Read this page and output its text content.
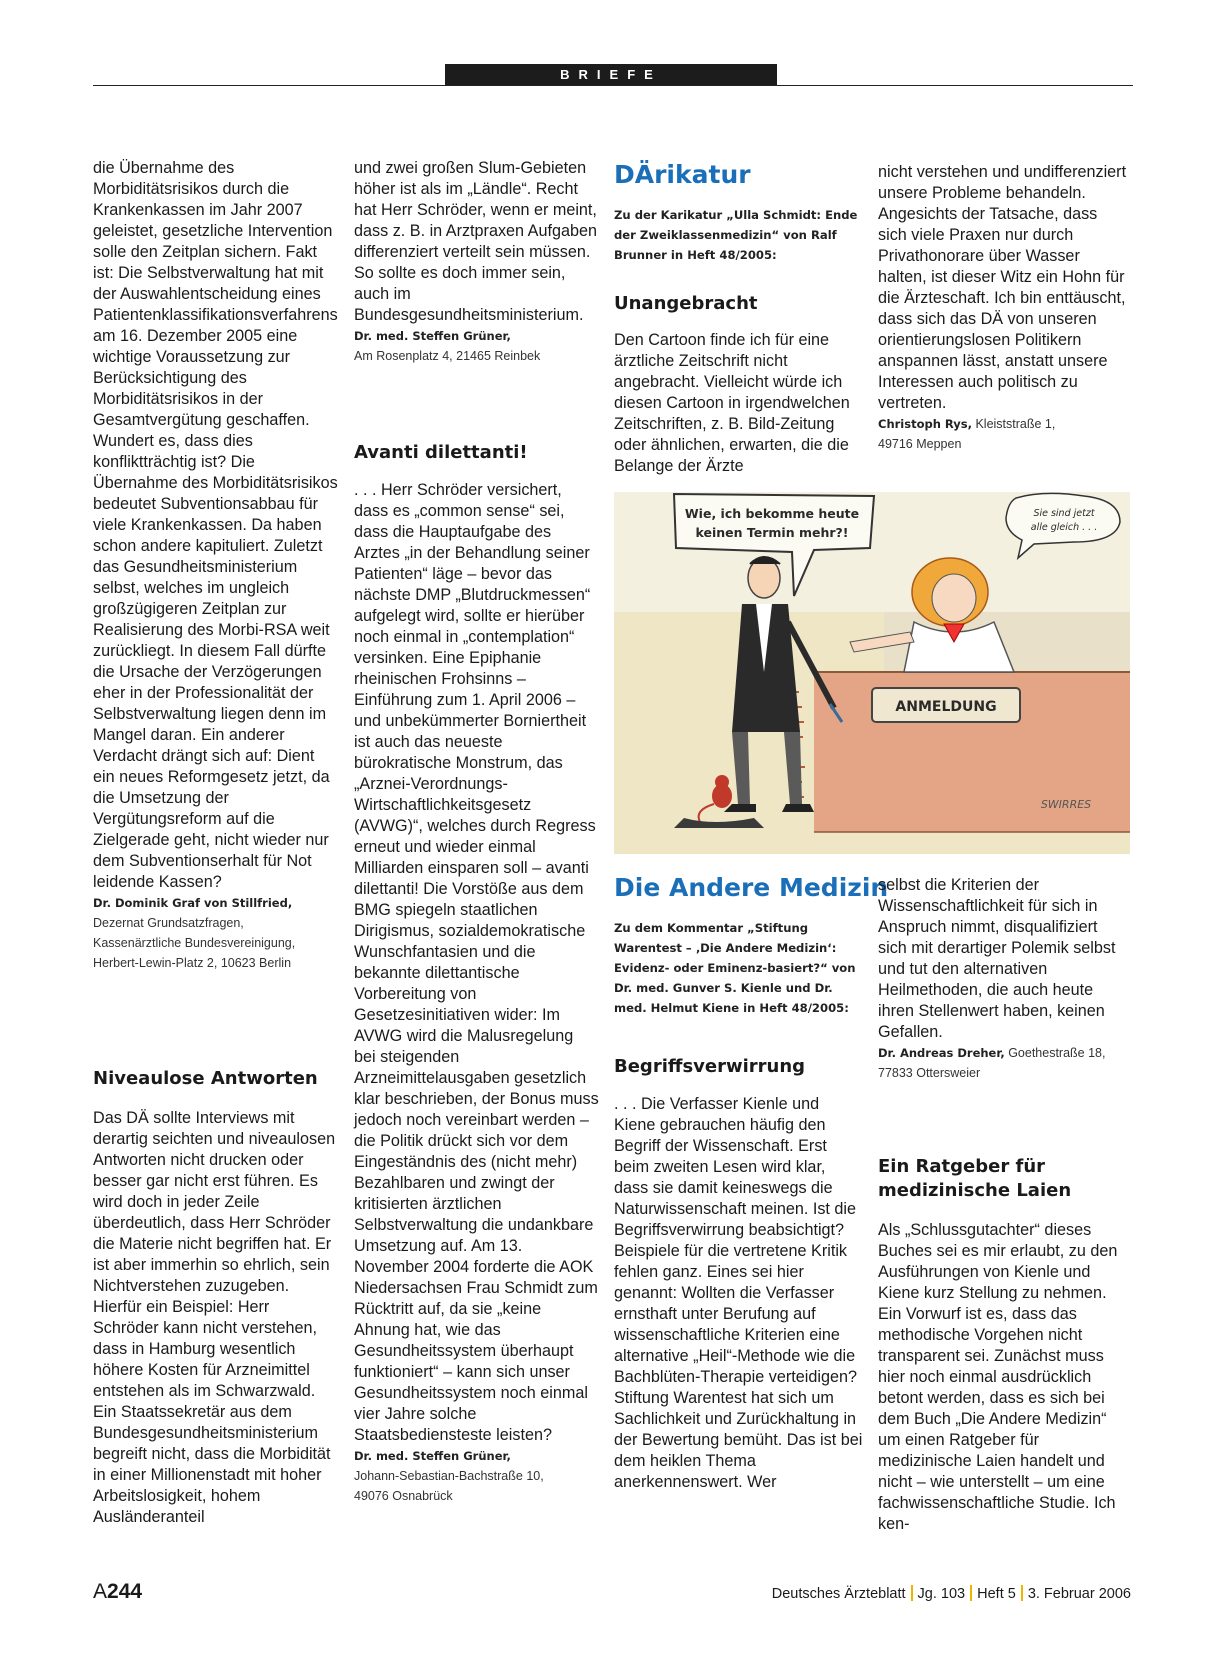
BRIEFE

die Übernahme des Morbiditätsrisikos durch die Krankenkassen im Jahr 2007 geleistet, gesetzliche Intervention solle den Zeitplan sichern. Fakt ist: Die Selbstverwaltung hat mit der Auswahlentscheidung eines Patientenklassifikationsverfahrens am 16. Dezember 2005 eine wichtige Voraussetzung zur Berücksichtigung des Morbiditätsrisikos in der Gesamtvergütung geschaffen. Wundert es, dass dies konfliktträchtig ist? Die Übernahme des Morbiditätsrisikos bedeutet Subventionsabbau für viele Krankenkassen. Da haben schon andere kapituliert. Zuletzt das Gesundheitsministerium selbst, welches im ungleich großzügigeren Zeitplan zur Realisierung des Morbi-RSA weit zurückliegt. In diesem Fall dürfte die Ursache der Verzögerungen eher in der Professionalität der Selbstverwaltung liegen denn im Mangel daran. Ein anderer Verdacht drängt sich auf: Dient ein neues Reformgesetz jetzt, da die Umsetzung der Vergütungsreform auf die Zielgerade geht, nicht wieder nur dem Subventionserhalt für Not leidende Kassen?

Dr. Dominik Graf von Stillfried,

Dezernat Grundsatzfragen,

Kassenärztliche Bundesvereinigung,

Herbert-Lewin-Platz 2, 10623 Berlin

Niveaulose Antworten

Das DÄ sollte Interviews mit derartig seichten und niveaulosen Antworten nicht drucken oder besser gar nicht erst führen. Es wird doch in jeder Zeile überdeutlich, dass Herr Schröder die Materie nicht begriffen hat. Er ist aber immerhin so ehrlich, sein Nichtverstehen zuzugeben. Hierfür ein Beispiel: Herr Schröder kann nicht verstehen, dass in Hamburg wesentlich höhere Kosten für Arzneimittel entstehen als im Schwarzwald. Ein Staatssekretär aus dem Bundesgesundheitsministerium begreift nicht, dass die Morbidität in einer Millionenstadt mit hoher Arbeitslosigkeit, hohem Ausländeranteil

und zwei großen Slum-Gebieten höher ist als im „Ländle“. Recht hat Herr Schröder, wenn er meint, dass z. B. in Arztpraxen Aufgaben differenziert verteilt sein müssen. So sollte es doch immer sein, auch im Bundesgesundheitsministerium.

Dr. med. Steffen Grüner,

Am Rosenplatz 4, 21465 Reinbek

Avanti dilettanti!

. . . Herr Schröder versichert, dass es „common sense“ sei, dass die Hauptaufgabe des Arztes „in der Behandlung seiner Patienten“ läge – bevor das nächste DMP „Blutdruckmessen“ aufgelegt wird, sollte er hierüber noch einmal in „contemplation“ versinken. Eine Epiphanie rheinischen Frohsinns – Einführung zum 1. April 2006 – und unbekümmerter Borniertheit ist auch das neueste bürokratische Monstrum, das „Arznei-Verordnungs-Wirtschaftlichkeitsgesetz (AVWG)“, welches durch Regress erneut und wieder einmal Milliarden einsparen soll – avanti dilettanti! Die Vorstöße aus dem BMG spiegeln staatlichen Dirigismus, sozialdemokratische Wunschfantasien und die bekannte dilettantische Vorbereitung von Gesetzesinitiativen wider: Im AVWG wird die Malusregelung bei steigenden Arzneimittelausgaben gesetzlich klar beschrieben, der Bonus muss jedoch noch vereinbart werden – die Politik drückt sich vor dem Eingeständnis des (nicht mehr) Bezahlbaren und zwingt der kritisierten ärztlichen Selbstverwaltung die undankbare Umsetzung auf. Am 13. November 2004 forderte die AOK Niedersachsen Frau Schmidt zum Rücktritt auf, da sie „keine Ahnung hat, wie das Gesundheitssystem überhaupt funktioniert“ – kann sich unser Gesundheitssystem noch einmal vier Jahre solche Staatsbediensteste leisten?

Dr. med. Steffen Grüner,

Johann-Sebastian-Bachstraße 10,

49076 Osnabrück

DÄrikatur

Zu der Karikatur „Ulla Schmidt: Ende der Zweiklassenmedizin“ von Ralf Brunner in Heft 48/2005:

Unangebracht

Den Cartoon finde ich für eine ärztliche Zeitschrift nicht angebracht. Vielleicht würde ich diesen Cartoon in irgendwelchen Zeitschriften, z. B. Bild-Zeitung oder ähnlichen, erwarten, die die Belange der Ärzte

nicht verstehen und undifferenziert unsere Probleme behandeln. Angesichts der Tatsache, dass sich viele Praxen nur durch Privathonorare über Wasser halten, ist dieser Witz ein Hohn für die Ärzteschaft. Ich bin enttäuscht, dass sich das DÄ von unseren orientierungslosen Politikern anspannen lässt, anstatt unsere Interessen auch politisch zu vertreten.

Christoph Rys, Kleiststraße 1,

49716 Meppen

ANMELDUNG
Wie, ich bekomme heute
keinen Termin mehr?!
Sie sind jetzt
alle gleich . . .
SWIRRES
Die Andere Medizin

Zu dem Kommentar „Stiftung Warentest – ‚Die Andere Medizin‘: Evidenz- oder Eminenz-basiert?“ von Dr. med. Gunver S. Kienle und Dr. med. Helmut Kiene in Heft 48/2005:

Begriffsverwirrung

. . . Die Verfasser Kienle und Kiene gebrauchen häufig den Begriff der Wissenschaft. Erst beim zweiten Lesen wird klar, dass sie damit keineswegs die Naturwissenschaft meinen. Ist die Begriffsverwirrung beabsichtigt? Beispiele für die vertretene Kritik fehlen ganz. Eines sei hier genannt: Wollten die Verfasser ernsthaft unter Berufung auf wissenschaftliche Kriterien eine alternative „Heil“-Methode wie die Bachblüten-Therapie verteidigen? Stiftung Warentest hat sich um Sachlichkeit und Zurückhaltung in der Bewertung bemüht. Das ist bei dem heiklen Thema anerkennenswert. Wer

selbst die Kriterien der Wissenschaftlichkeit für sich in Anspruch nimmt, disqualifiziert sich mit derartiger Polemik selbst und tut den alternativen Heilmethoden, die auch heute ihren Stellenwert haben, keinen Gefallen.

Dr. Andreas Dreher, Goethestraße 18,

77833 Ottersweier

Ein Ratgeber für medizinische Laien

Als „Schlussgutachter“ dieses Buches sei es mir erlaubt, zu den Ausführungen von Kienle und Kiene kurz Stellung zu nehmen. Ein Vorwurf ist es, dass das methodische Vorgehen nicht transparent sei. Zunächst muss hier noch einmal ausdrücklich betont werden, dass es sich bei dem Buch „Die Andere Medizin“ um einen Ratgeber für medizinische Laien handelt und nicht – wie unterstellt – um eine fachwissenschaftliche Studie. Ich ken-

A244	Deutsches Ärzteblatt Jg. 103 Heft 5 3. Februar 2006
